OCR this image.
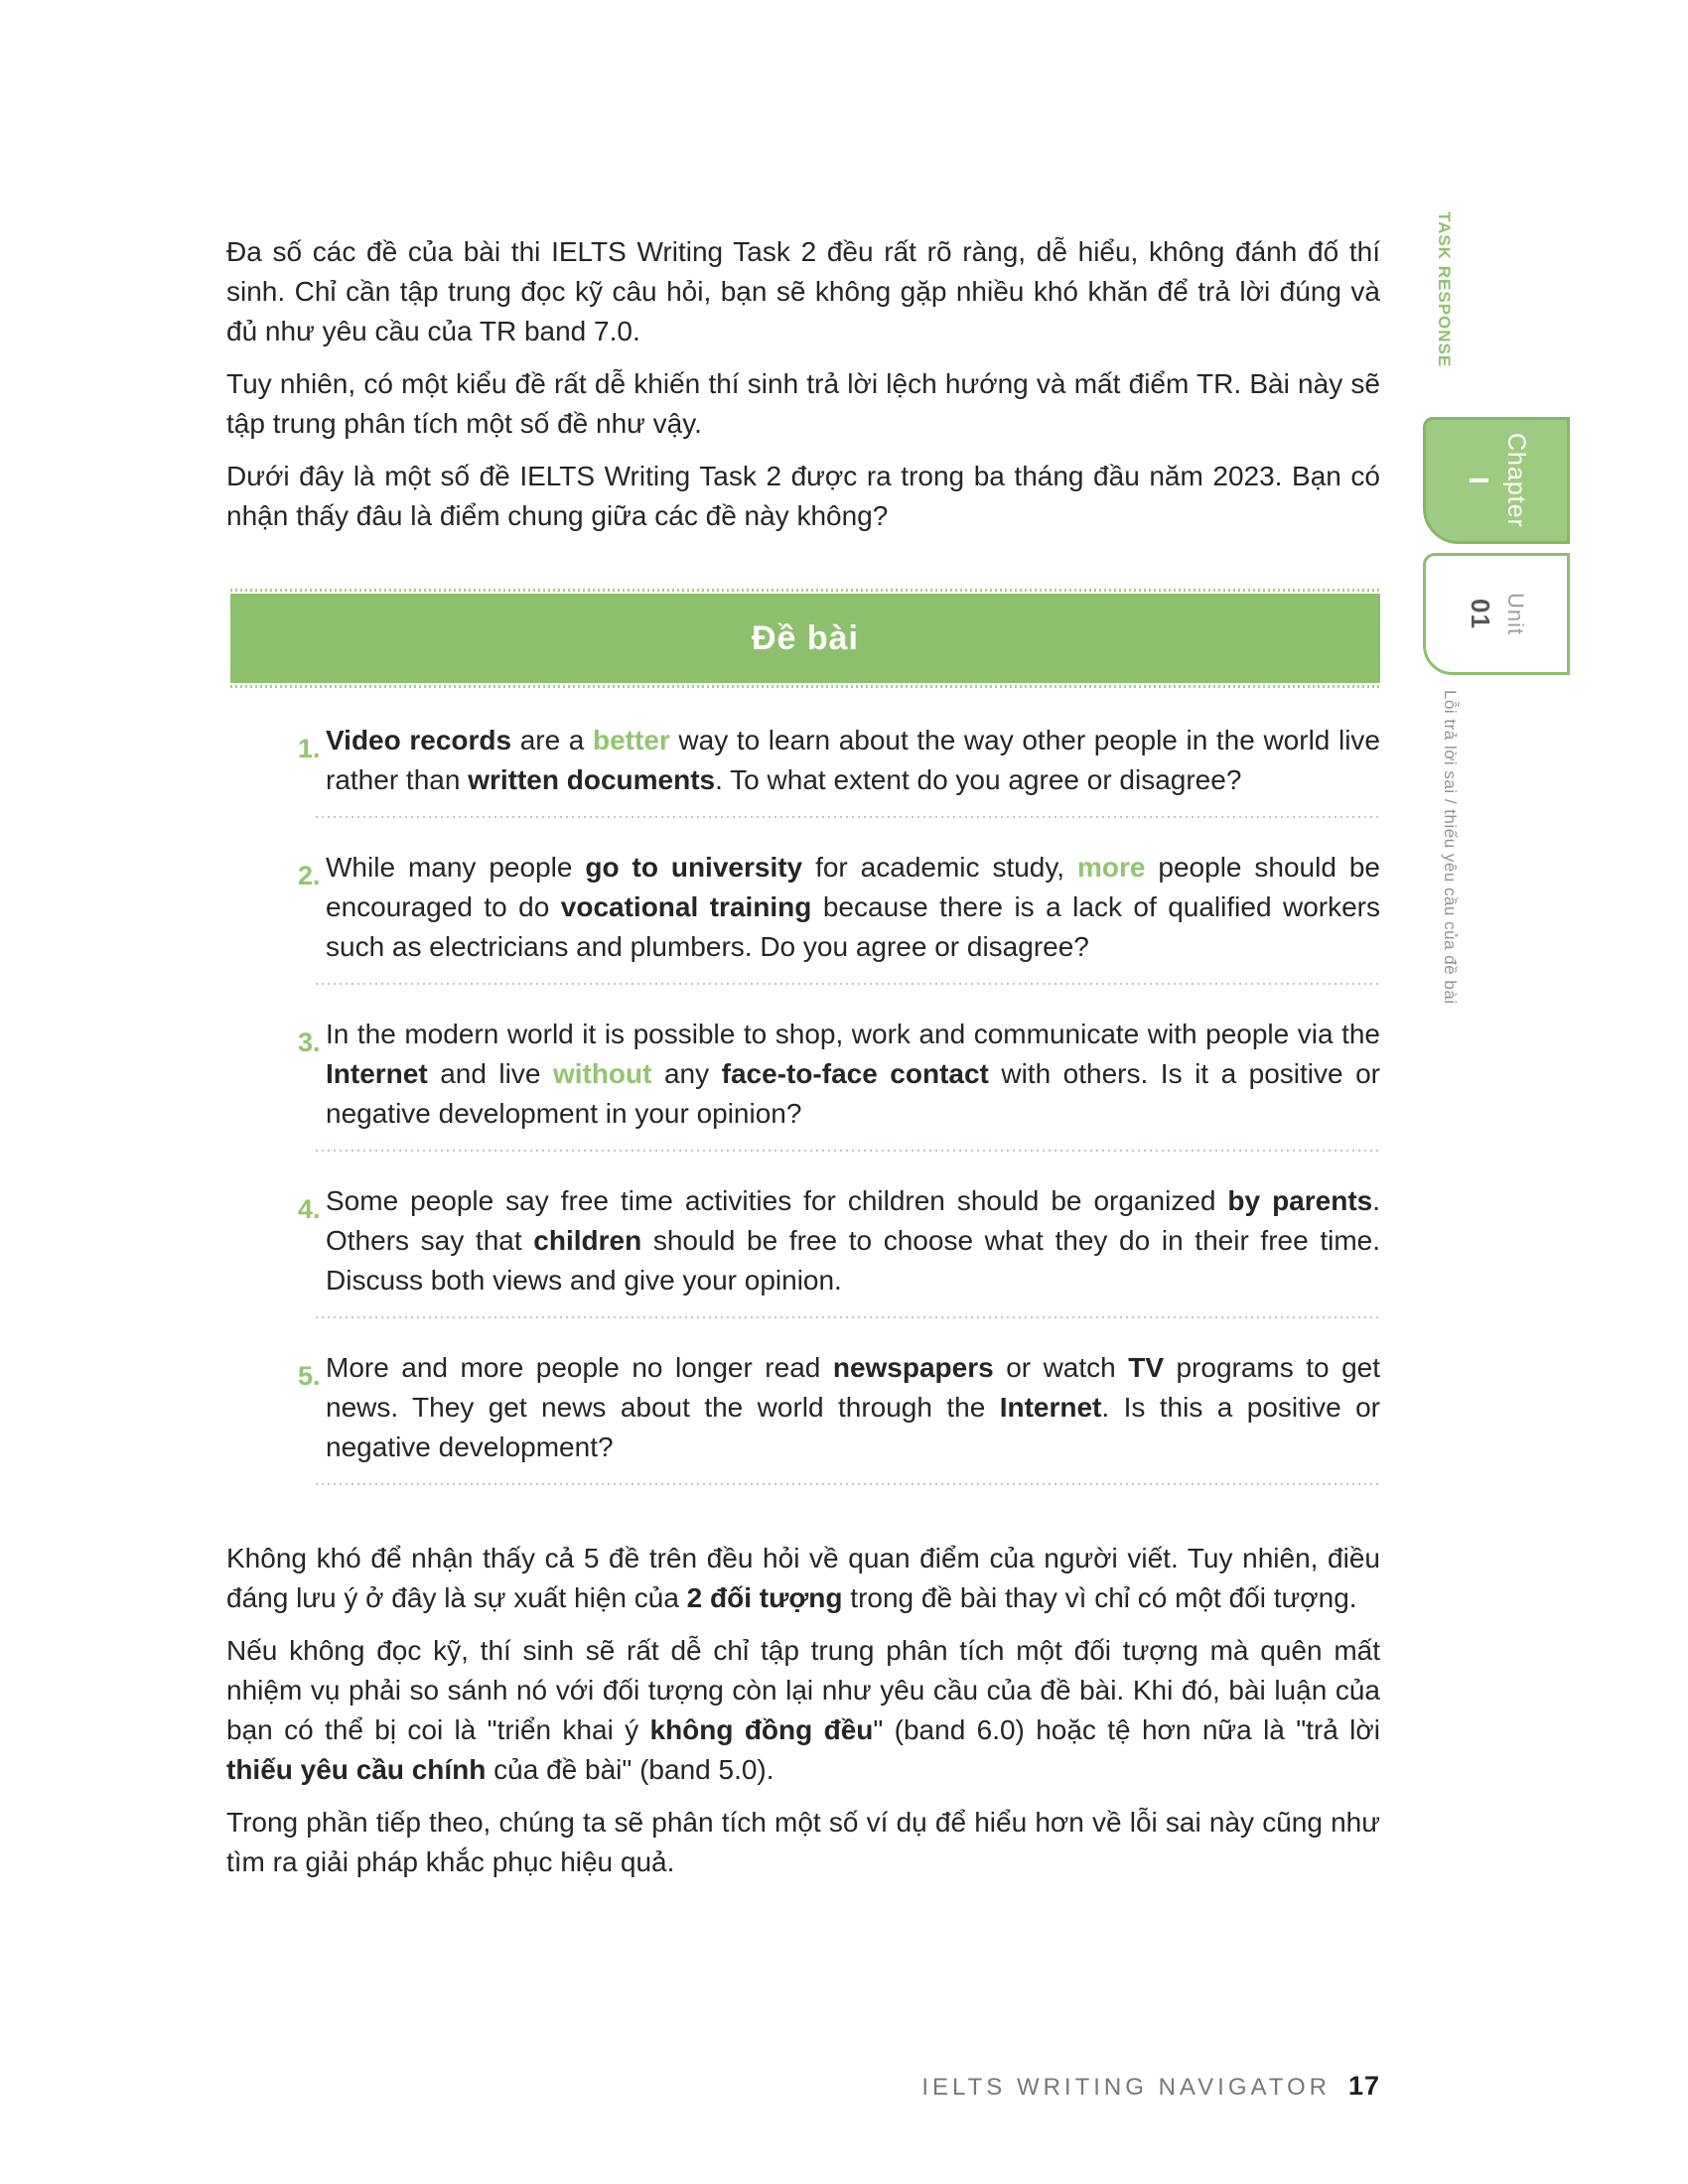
Đa số các đề của bài thi IELTS Writing Task 2 đều rất rõ ràng, dễ hiểu, không đánh đố thí sinh. Chỉ cần tập trung đọc kỹ câu hỏi, bạn sẽ không gặp nhiều khó khăn để trả lời đúng và đủ như yêu cầu của TR band 7.0.

Tuy nhiên, có một kiểu đề rất dễ khiến thí sinh trả lời lệch hướng và mất điểm TR. Bài này sẽ tập trung phân tích một số đề như vậy.

Dưới đây là một số đề IELTS Writing Task 2 được ra trong ba tháng đầu năm 2023. Bạn có nhận thấy đâu là điểm chung giữa các đề này không?

Đề bài
1. Video records are a better way to learn about the way other people in the world live rather than written documents. To what extent do you agree or disagree?
2. While many people go to university for academic study, more people should be encouraged to do vocational training because there is a lack of qualified workers such as electricians and plumbers. Do you agree or disagree?
3. In the modern world it is possible to shop, work and communicate with people via the Internet and live without any face-to-face contact with others. Is it a positive or negative development in your opinion?
4. Some people say free time activities for children should be organized by parents. Others say that children should be free to choose what they do in their free time. Discuss both views and give your opinion.
5. More and more people no longer read newspapers or watch TV programs to get news. They get news about the world through the Internet. Is this a positive or negative development?

Không khó để nhận thấy cả 5 đề trên đều hỏi về quan điểm của người viết. Tuy nhiên, điều đáng lưu ý ở đây là sự xuất hiện của 2 đối tượng trong đề bài thay vì chỉ có một đối tượng.

Nếu không đọc kỹ, thí sinh sẽ rất dễ chỉ tập trung phân tích một đối tượng mà quên mất nhiệm vụ phải so sánh nó với đối tượng còn lại như yêu cầu của đề bài. Khi đó, bài luận của bạn có thể bị coi là "triển khai ý không đồng đều" (band 6.0) hoặc tệ hơn nữa là "trả lời thiếu yêu cầu chính của đề bài" (band 5.0).

Trong phần tiếp theo, chúng ta sẽ phân tích một số ví dụ để hiểu hơn về lỗi sai này cũng như tìm ra giải pháp khắc phục hiệu quả.

TASK RESPONSE
Chapter
I
Unit
01
Lỗi trả lời sai / thiếu yêu cầu của đề bài
IELTS WRITING NAVIGATOR 17
